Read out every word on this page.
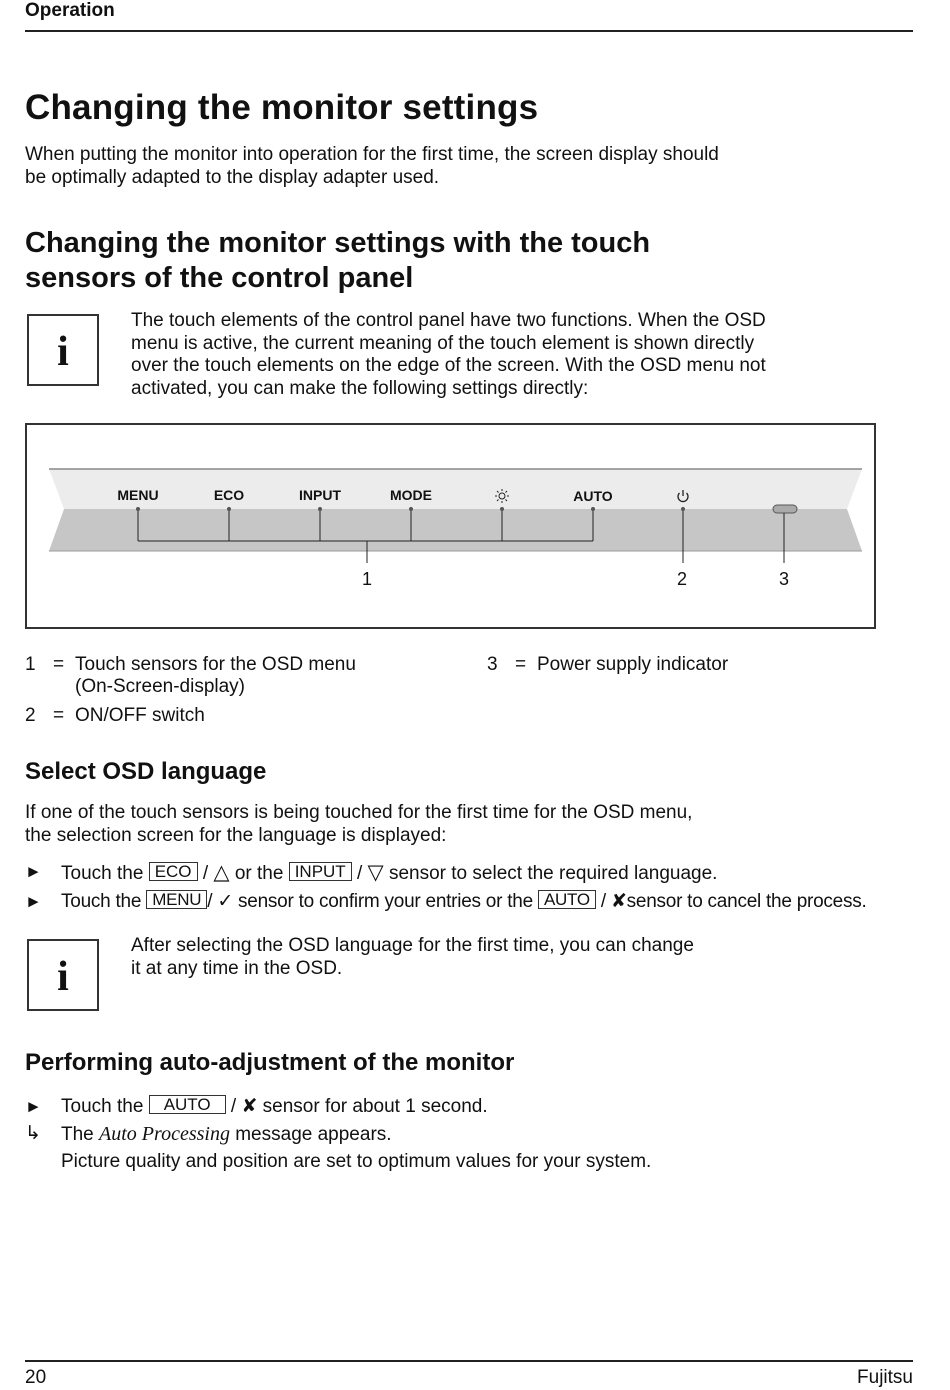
Operation
Changing the monitor settings
When putting the monitor into operation for the first time, the screen display should
be optimally adapted to the display adapter used.
Changing the monitor settings with the touch
sensors of the control panel
i
The touch elements of the control panel have two functions. When the OSD
menu is active, the current meaning of the touch element is shown directly
over the touch elements on the edge of the screen. With the OSD menu not
activated, you can make the following settings directly:
MENU	ECO	INPUT	MODE	AUTO
1	2	3
1 = Touch sensors for the OSD menu
(On-Screen-display)
2 = ON/OFF switch
3 = Power supply indicator
Select OSD language
If one of the touch sensors is being touched for the first time for the OSD menu,
the selection screen for the language is displayed:
► Touch the ECO / △ or the INPUT / ▽ sensor to select the required language.
► Touch the MENU / ✓ sensor to confirm your entries or the AUTO / ✘sensor to cancel the process.
i
After selecting the OSD language for the first time, you can change
it at any time in the OSD.
Performing auto-adjustment of the monitor
► Touch the AUTO / ✘ sensor for about 1 second.
↳ The Auto Processing message appears.
Picture quality and position are set to optimum values for your system.
20	Fujitsu
